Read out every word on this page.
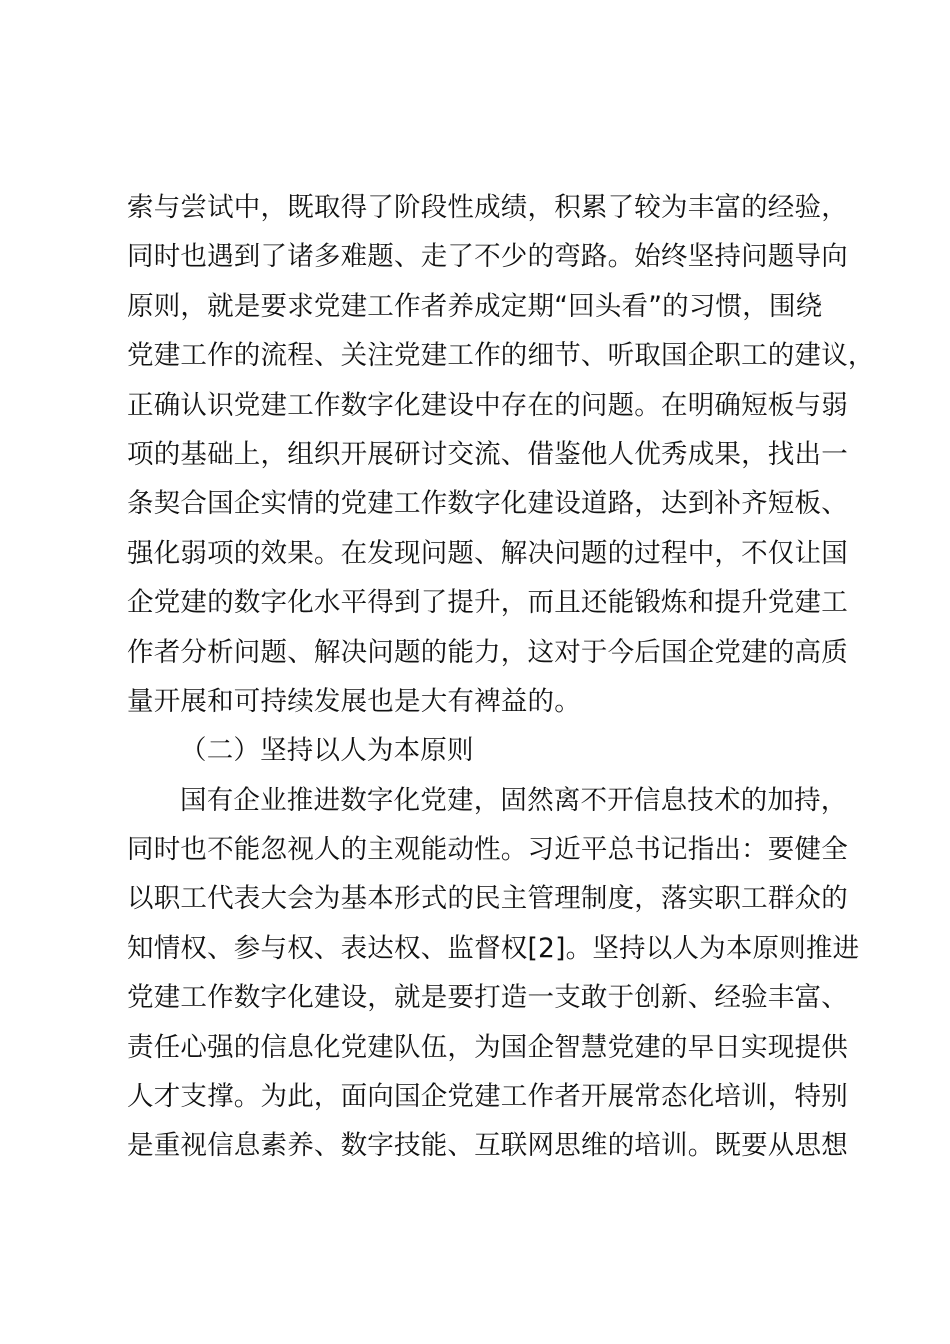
索与尝试中，既取得了阶段性成绩，积累了较为丰富的经验，
同时也遇到了诸多难题、走了不少的弯路。始终坚持问题导向
原则，就是要求党建工作者养成定期“回头看”的习惯，围绕
党建工作的流程、关注党建工作的细节、听取国企职工的建议，
正确认识党建工作数字化建设中存在的问题。在明确短板与弱
项的基础上，组织开展研讨交流、借鉴他人优秀成果，找出一
条契合国企实情的党建工作数字化建设道路，达到补齐短板、
强化弱项的效果。在发现问题、解决问题的过程中，不仅让国
企党建的数字化水平得到了提升，而且还能锻炼和提升党建工
作者分析问题、解决问题的能力，这对于今后国企党建的高质
量开展和可持续发展也是大有裨益的。
（二）坚持以人为本原则
国有企业推进数字化党建，固然离不开信息技术的加持，
同时也不能忽视人的主观能动性。习近平总书记指出：要健全
以职工代表大会为基本形式的民主管理制度，落实职工群众的
知情权、参与权、表达权、监督权[2]。坚持以人为本原则推进
党建工作数字化建设，就是要打造一支敢于创新、经验丰富、
责任心强的信息化党建队伍，为国企智慧党建的早日实现提供
人才支撑。为此，面向国企党建工作者开展常态化培训，特别
是重视信息素养、数字技能、互联网思维的培训。既要从思想
